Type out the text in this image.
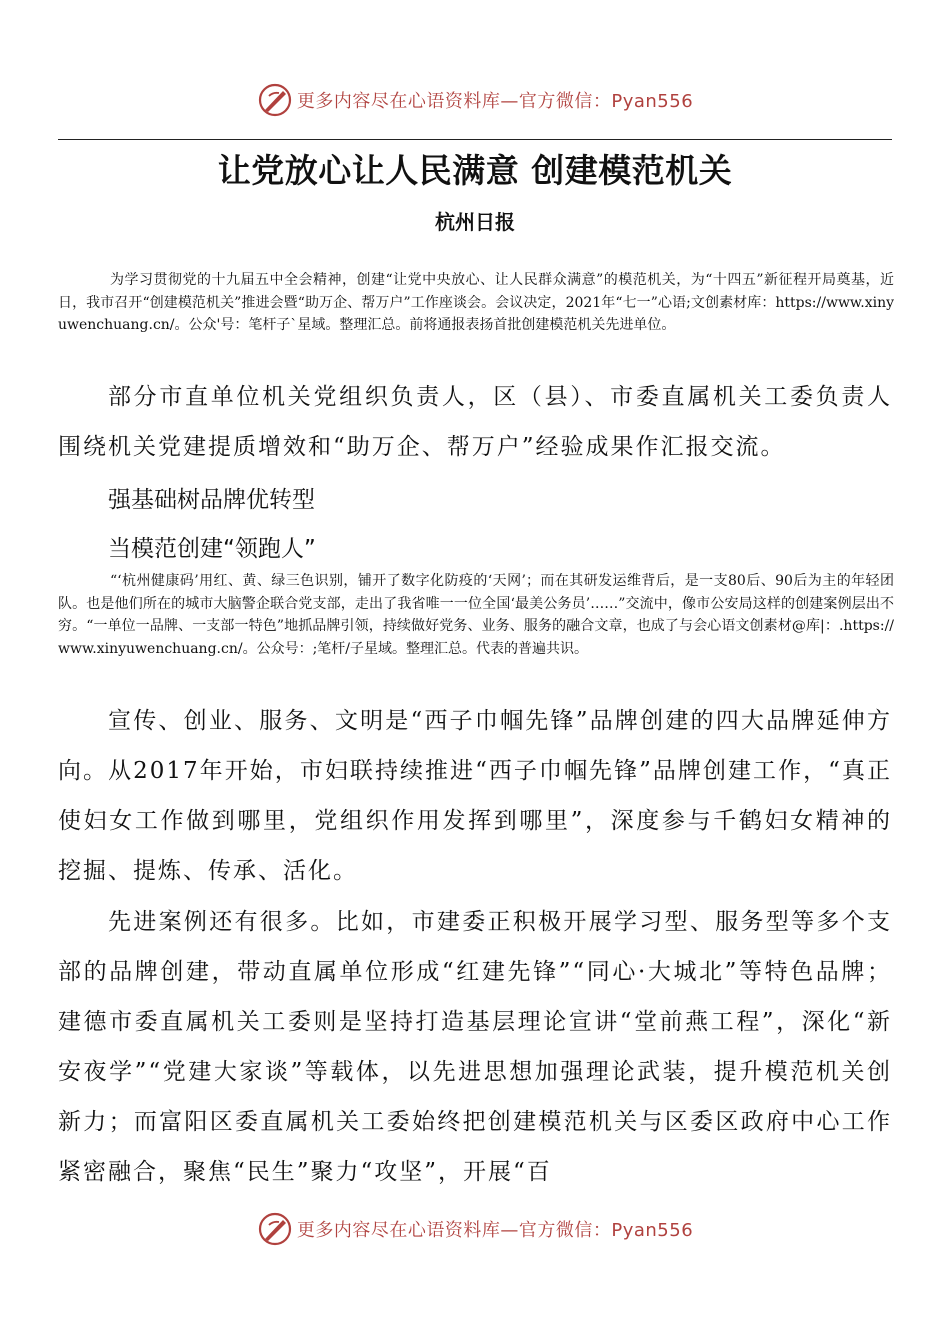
更多内容尽在心语资料库—官方微信：Pyan556
让党放心让人民满意 创建模范机关
杭州日报

为学习贯彻党的十九届五中全会精神，创建“让党中央放心、让人民群众满意”的模范机关，为“十四五”新征程开局奠基，近日，我市召开“创建模范机关”推进会暨“助万企、帮万户”工作座谈会。会议决定，2021年“七一”心语;文创素材库：https://www.xinyuwenchuang.cn/。公众'号：笔杆子`星域。整理汇总。前将通报表扬首批创建模范机关先进单位。

部分市直单位机关党组织负责人，区（县）、市委直属机关工委负责人围绕机关党建提质增效和“助万企、帮万户”经验成果作汇报交流。

强基础树品牌优转型
当模范创建“领跑人”

“‘杭州健康码’用红、黄、绿三色识别，铺开了数字化防疫的‘天网’；而在其研发运维背后，是一支80后、90后为主的年轻团队。也是他们所在的城市大脑警企联合党支部，走出了我省唯一一位全国‘最美公务员’……”交流中，像市公安局这样的创建案例层出不穷。“一单位一品牌、一支部一特色”地抓品牌引领，持续做好党务、业务、服务的融合文章，也成了与会心语文创素材@库|：.https://www.xinyuwenchuang.cn/。公众号：;笔杆/子星域。整理汇总。代表的普遍共识。

宣传、创业、服务、文明是“西子巾帼先锋”品牌创建的四大品牌延伸方向。从2017年开始，市妇联持续推进“西子巾帼先锋”品牌创建工作，“真正使妇女工作做到哪里，党组织作用发挥到哪里”，深度参与千鹤妇女精神的挖掘、提炼、传承、活化。

先进案例还有很多。比如，市建委正积极开展学习型、服务型等多个支部的品牌创建，带动直属单位形成“红建先锋”“同心·大城北”等特色品牌；建德市委直属机关工委则是坚持打造基层理论宣讲“堂前燕工程”，深化“新安夜学”“党建大家谈”等载体，以先进思想加强理论武装，提升模范机关创新力；而富阳区委直属机关工委始终把创建模范机关与区委区政府中心工作紧密融合，聚焦“民生”聚力“攻坚”，开展“百

更多内容尽在心语资料库—官方微信：Pyan556
